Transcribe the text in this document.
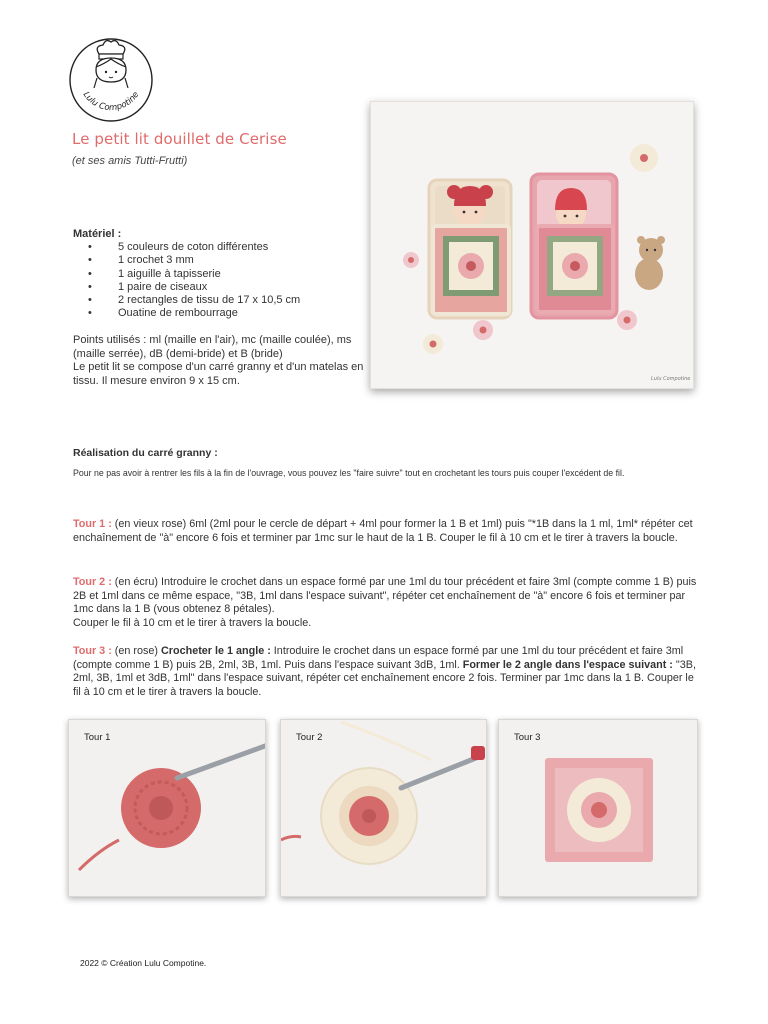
Lulu Compotine
Le petit lit douillet de Cerise
(et ses amis Tutti-Frutti)
Matériel :
• 5 couleurs de coton différentes
• 1 crochet 3 mm
• 1 aiguille à tapisserie
• 1 paire de ciseaux
• 2 rectangles de tissu de 17 x 10,5 cm
• Ouatine de rembourrage
Points utilisés : ml (maille en l'air), mc (maille coulée), ms (maille serrée), dB (demi-bride) et B (bride)
Le petit lit se compose d'un carré granny et d'un matelas en tissu. Il mesure environ 9 x 15 cm.	Lulu Compotine
Réalisation du carré granny :
Pour ne pas avoir à rentrer les fils à la fin de l'ouvrage, vous pouvez les "faire suivre" tout en crochetant les tours puis couper l'excédent de fil.
Tour 1 : (en vieux rose) 6ml (2ml pour le cercle de départ + 4ml pour former la 1 B et 1ml) puis "*1B dans la 1 ml, 1ml* répéter cet enchaînement de "à" encore 6 fois et terminer par 1mc sur le haut de la 1 B. Couper le fil à 10 cm et le tirer à travers la boucle.
Tour 2 : (en écru) Introduire le crochet dans un espace formé par une 1ml du tour précédent et faire 3ml (compte comme 1 B) puis 2B et 1ml dans ce même espace, "3B, 1ml dans l'espace suivant", répéter cet enchaînement de "à" encore 6 fois et terminer par 1mc dans la 1 B (vous obtenez 8 pétales).
Couper le fil à 10 cm et le tirer à travers la boucle.
Tour 3 : (en rose) Crocheter le 1 angle : Introduire le crochet dans un espace formé par une 1ml du tour précédent et faire 3ml (compte comme 1 B) puis 2B, 2ml, 3B, 1ml. Puis dans l'espace suivant 3dB, 1ml. Former le 2 angle dans l'espace suivant : "3B, 2ml, 3B, 1ml et 3dB, 1ml" dans l'espace suivant, répéter cet enchaînement encore 2 fois. Terminer par 1mc dans la 1 B. Couper le fil à 10 cm et le tirer à travers la boucle.
Tour 1	Tour 2	Tour 3
2022 © Création Lulu Compotine.
